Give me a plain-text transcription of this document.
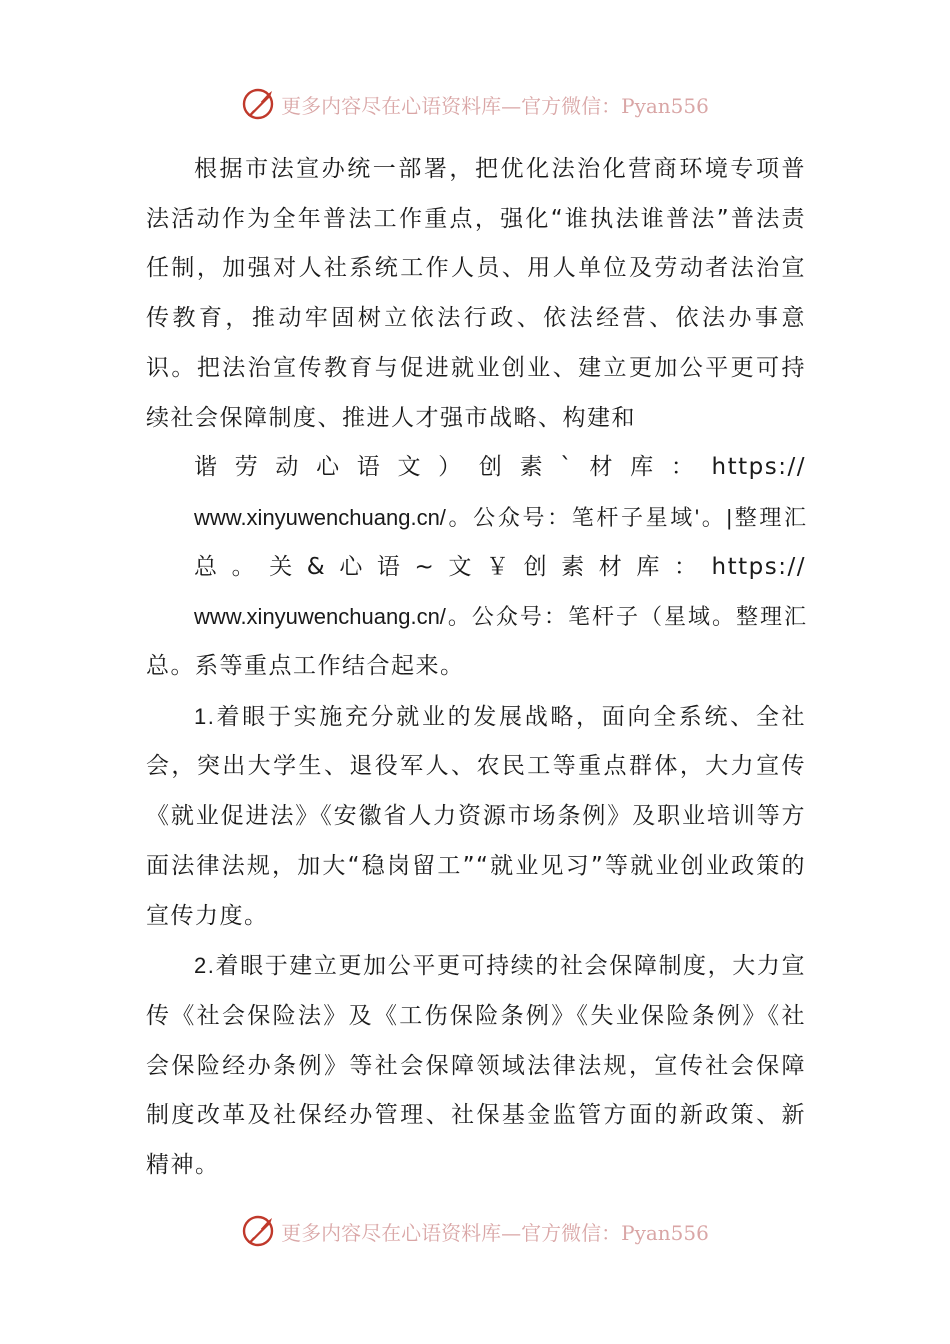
更多内容尽在心语资料库—官方微信：Pyan556
根据市法宣办统一部署，把优化法治化营商环境专项普法活动作为全年普法工作重点，强化“谁执法谁普法”普法责任制，加强对人社系统工作人员、用人单位及劳动者法治宣传教育，推动牢固树立依法行政、依法经营、依法办事意识。把法治宣传教育与促进就业创业、建立更加公平更可持续社会保障制度、推进人才强市战略、构建和
谐劳动心语文）创素`材库：https://
www.xinyuwenchuang.cn/。公众号：笔杆子星域'。|整理汇
总。关&心语~文￥创素材库：https://
www.xinyuwenchuang.cn/。公众号：笔杆子（星域。整理汇
总。系等重点工作结合起来。

1.着眼于实施充分就业的发展战略，面向全系统、全社会，突出大学生、退役军人、农民工等重点群体，大力宣传《就业促进法》《安徽省人力资源市场条例》及职业培训等方面法律法规，加大“稳岗留工”“就业见习”等就业创业政策的宣传力度。

2.着眼于建立更加公平更可持续的社会保障制度，大力宣传《社会保险法》及《工伤保险条例》《失业保险条例》《社会保险经办条例》等社会保障领域法律法规，宣传社会保障制度改革及社保经办管理、社保基金监管方面的新政策、新精神。

更多内容尽在心语资料库—官方微信：Pyan556
